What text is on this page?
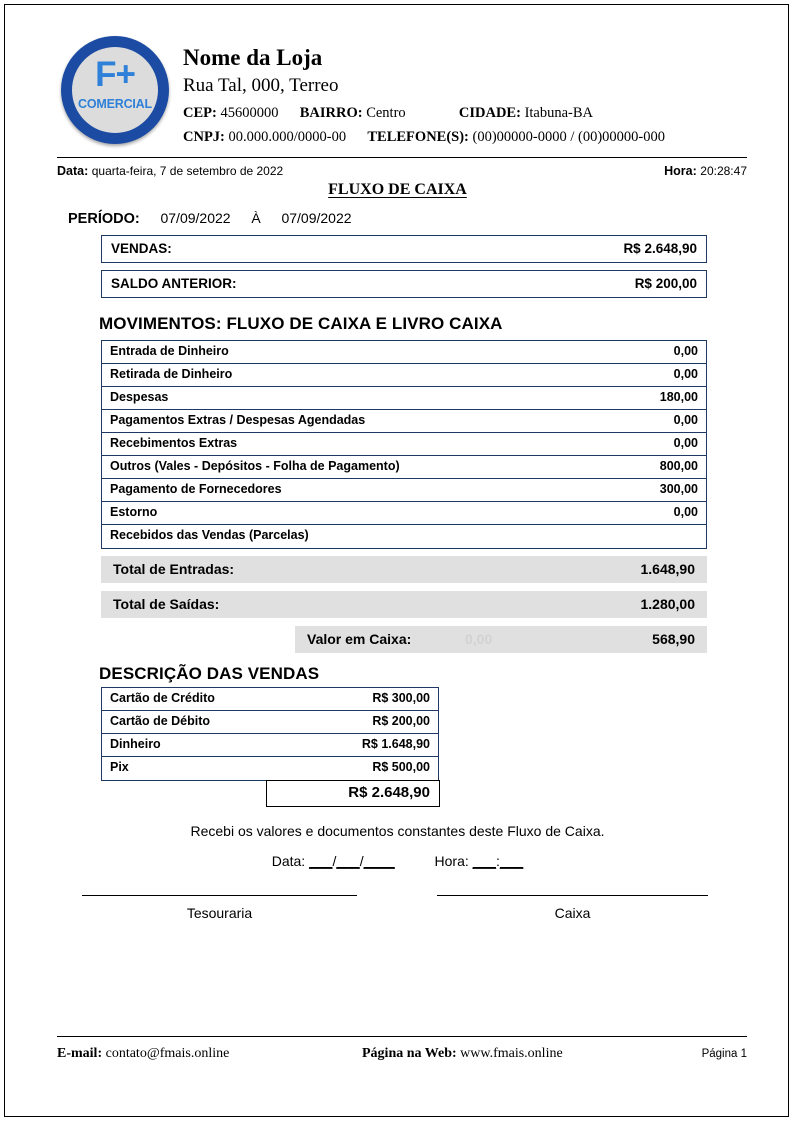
F+
COMERCIAL
Nome da Loja
Rua Tal, 000, Terreo
CEP: 45600000 BAIRRO: Centro	CIDADE: Itabuna-BA
CNPJ: 00.000.000/0000-00 TELEFONE(S): (00)00000-0000 / (00)00000-000
Data: quarta-feira, 7 de setembro de 2022	Hora: 20:28:47
FLUXO DE CAIXA
PERÍODO: 07/09/2022 À 07/09/2022
VENDAS:	R$ 2.648,90
SALDO ANTERIOR:	R$ 200,00
MOVIMENTOS: FLUXO DE CAIXA E LIVRO CAIXA
Entrada de Dinheiro	0,00
Retirada de Dinheiro	0,00
Despesas	180,00
Pagamentos Extras / Despesas Agendadas	0,00
Recebimentos Extras	0,00
Outros (Vales - Depósitos - Folha de Pagamento)	800,00
Pagamento de Fornecedores	300,00
Estorno	0,00
Recebidos das Vendas (Parcelas)
Total de Entradas:	1.648,90
Total de Saídas:	1.280,00
Valor em Caixa:	0,00	568,90
DESCRIÇÃO DAS VENDAS
Cartão de Crédito	R$ 300,00
Cartão de Débito	R$ 200,00
Dinheiro	R$ 1.648,90
Pix	R$ 500,00
R$ 2.648,90
Recebi os valores e documentos constantes deste Fluxo de Caixa.
Data: ___/___/____	Hora: ___:___
Tesouraria	Caixa
E-mail: contato@fmais.online	Página na Web: www.fmais.online	Página 1
